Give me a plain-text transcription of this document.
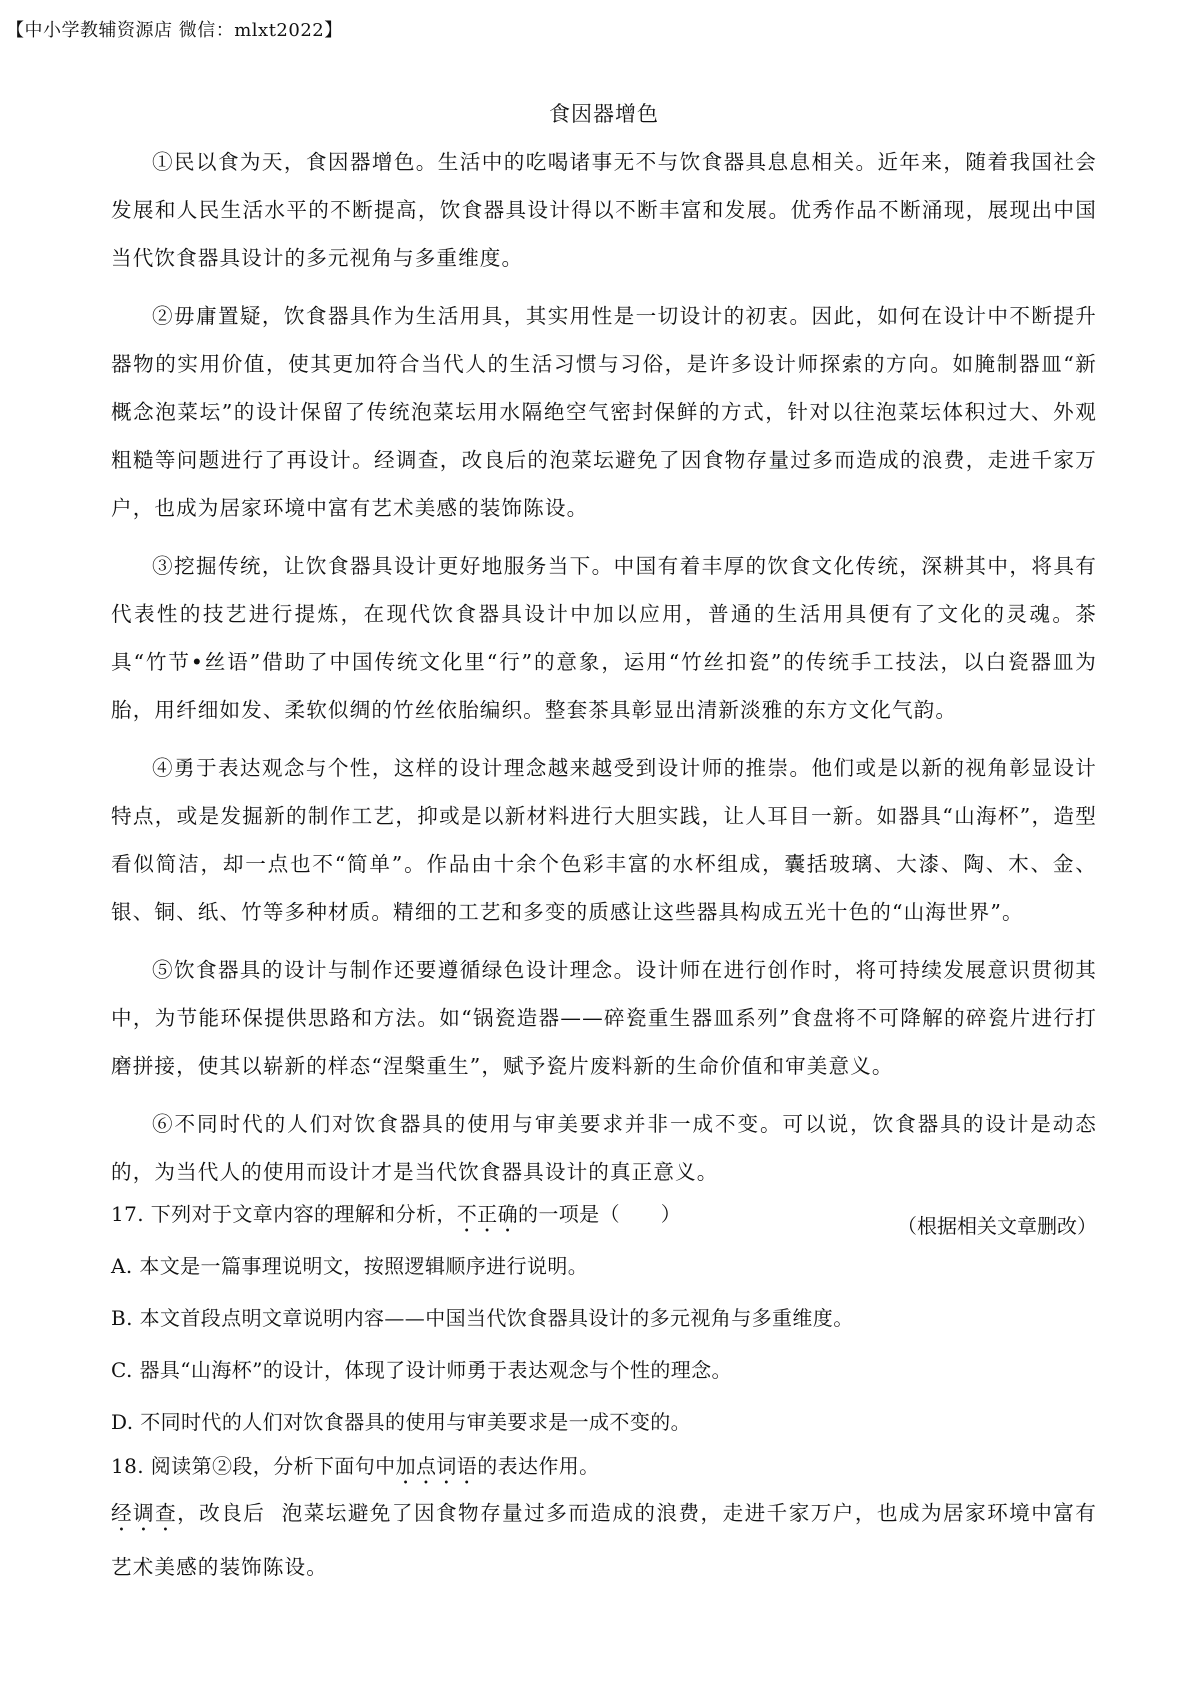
【中小学教辅资源店 微信：mlxt2022】
食因器增色

①民以食为天，食因器增色。生活中的吃喝诸事无不与饮食器具息息相关。近年来，随着我国社会发展和人民生活水平的不断提高，饮食器具设计得以不断丰富和发展。优秀作品不断涌现，展现出中国当代饮食器具设计的多元视角与多重维度。

②毋庸置疑，饮食器具作为生活用具，其实用性是一切设计的初衷。因此，如何在设计中不断提升器物的实用价值，使其更加符合当代人的生活习惯与习俗，是许多设计师探索的方向。如腌制器皿“新概念泡菜坛”的设计保留了传统泡菜坛用水隔绝空气密封保鲜的方式，针对以往泡菜坛体积过大、外观粗糙等问题进行了再设计。经调查，改良后的泡菜坛避免了因食物存量过多而造成的浪费，走进千家万户，也成为居家环境中富有艺术美感的装饰陈设。

③挖掘传统，让饮食器具设计更好地服务当下。中国有着丰厚的饮食文化传统，深耕其中，将具有代表性的技艺进行提炼，在现代饮食器具设计中加以应用，普通的生活用具便有了文化的灵魂。茶具“竹节•丝语”借助了中国传统文化里“行”的意象，运用“竹丝扣瓷”的传统手工技法，以白瓷器皿为胎，用纤细如发、柔软似绸的竹丝依胎编织。整套茶具彰显出清新淡雅的东方文化气韵。

④勇于表达观念与个性，这样的设计理念越来越受到设计师的推崇。他们或是以新的视角彰显设计特点，或是发掘新的制作工艺，抑或是以新材料进行大胆实践，让人耳目一新。如器具“山海杯”，造型看似简洁，却一点也不“简单”。作品由十余个色彩丰富的水杯组成，囊括玻璃、大漆、陶、木、金、银、铜、纸、竹等多种材质。精细的工艺和多变的质感让这些器具构成五光十色的“山海世界”。

⑤饮食器具的设计与制作还要遵循绿色设计理念。设计师在进行创作时，将可持续发展意识贯彻其中，为节能环保提供思路和方法。如“锅瓷造器——碎瓷重生器皿系列”食盘将不可降解的碎瓷片进行打磨拼接，使其以崭新的样态“涅槃重生”，赋予瓷片废料新的生命价值和审美意义。

⑥不同时代的人们对饮食器具的使用与审美要求并非一成不变。可以说，饮食器具的设计是动态的，为当代人的使用而设计才是当代饮食器具设计的真正意义。

（根据相关文章删改）
17. 下列对于文章内容的理解和分析，不正确的一项是（　　）
A. 本文是一篇事理说明文，按照逻辑顺序进行说明。
B. 本文首段点明文章说明内容——中国当代饮食器具设计的多元视角与多重维度。
C. 器具“山海杯”的设计，体现了设计师勇于表达观念与个性的理念。
D. 不同时代的人们对饮食器具的使用与审美要求是一成不变的。
18. 阅读第②段，分析下面句中加点词语的表达作用。
经调查，改良后 泡菜坛避免了因食物存量过多而造成的浪费，走进千家万户，也成为居家环境中富有艺术美感的装饰陈设。
